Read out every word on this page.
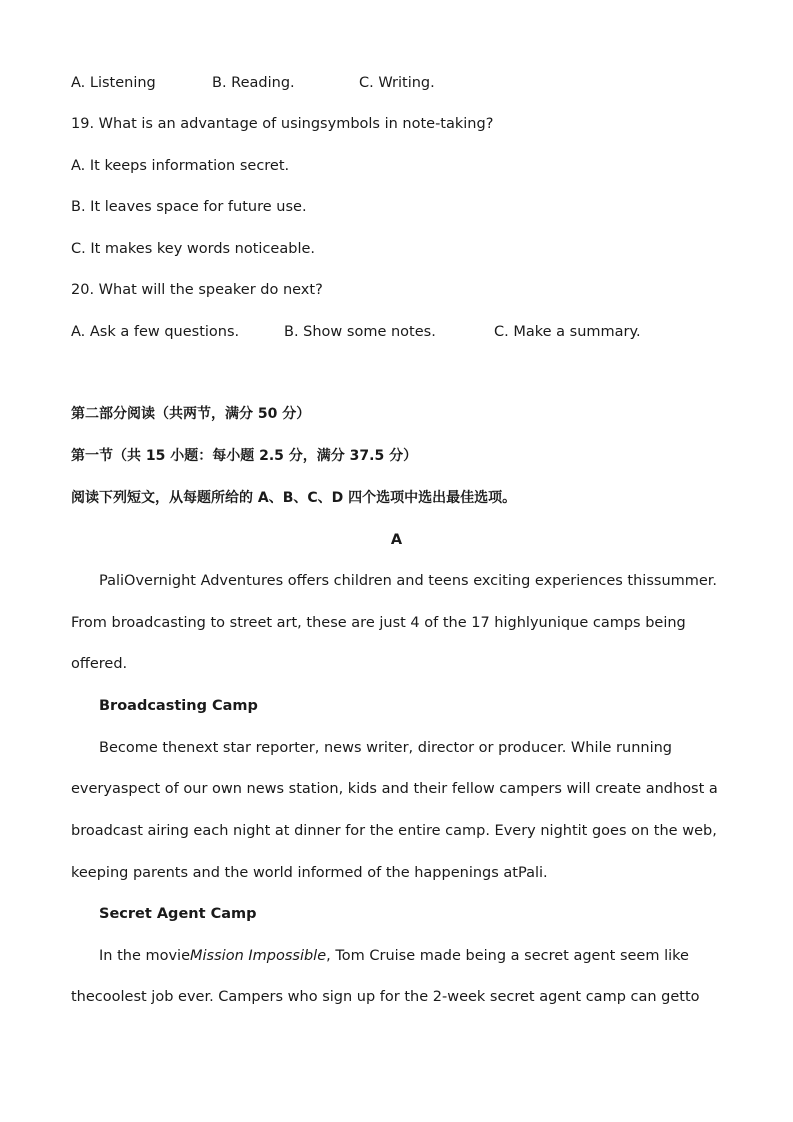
A. Listening	B. Reading.	C. Writing.
19. What is an advantage of usingsymbols in note-taking?
A. It keeps information secret.
B. It leaves space for future use.
C. It makes key words noticeable.
20. What will the speaker do next?
A. Ask a few questions.	B. Show some notes.	C. Make a summary.
第二部分阅读（共两节，满分 50 分）
第一节（共 15 小题：每小题 2.5 分，满分 37.5 分）
阅读下列短文，从每题所给的 A、B、C、D 四个选项中选出最佳选项。
A
PaliOvernight Adventures offers children and teens exciting experiences thissummer.
From broadcasting to street art, these are just 4 of the 17 highlyunique camps being
offered.
Broadcasting Camp
Become thenext star reporter, news writer, director or producer. While running
everyaspect of our own news station, kids and their fellow campers will create andhost a
broadcast airing each night at dinner for the entire camp. Every nightit goes on the web,
keeping parents and the world informed of the happenings atPali.
Secret Agent Camp
In the movieMission Impossible, Tom Cruise made being a secret agent seem like
thecoolest job ever. Campers who sign up for the 2-week secret agent camp can getto
